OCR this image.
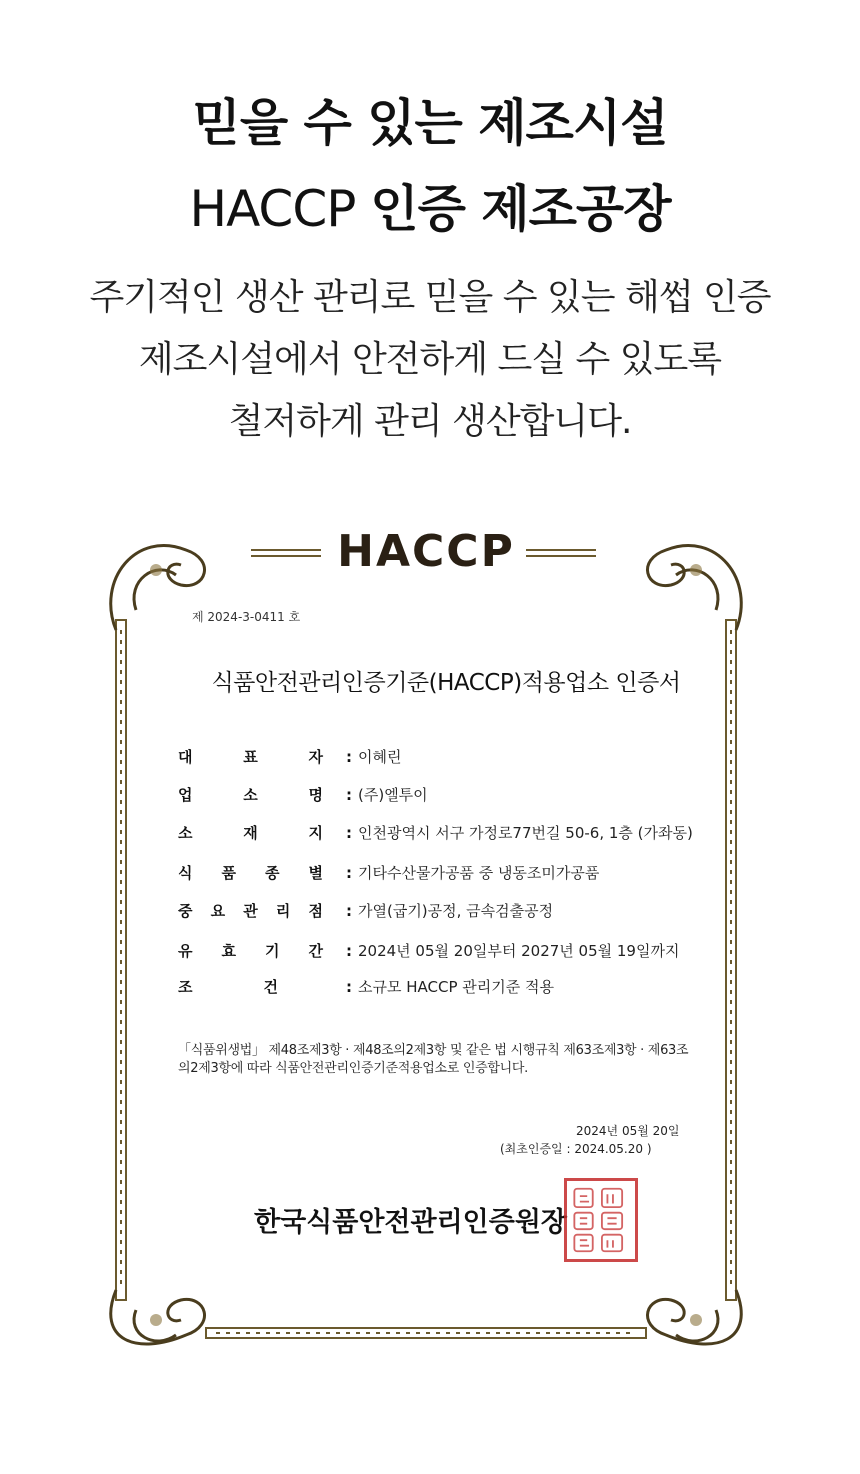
믿을 수 있는 제조시설
HACCP 인증 제조공장
주기적인 생산 관리로 믿을 수 있는 해썹 인증
제조시설에서 안전하게 드실 수 있도록
철저하게 관리 생산합니다.
HACCP
제 2024-3-0411 호
식품안전관리인증기준(HACCP)적용업소 인증서
대	표	자 : 이혜린
업	소	명 : (주)엘투이
소	재	지 : 인천광역시 서구 가정로77번길 50-6, 1층 (가좌동)
식 품 종 별 : 기타수산물가공품 중 냉동조미가공품
중 요 관 리 점 : 가열(굽기)공정, 금속검출공정
유 효 기 간 : 2024년 05월 20일부터 2027년 05월 19일까지
조	건	: 소규모 HACCP 관리기준 적용
「식품위생법」 제48조제3항 · 제48조의2제3항 및 같은 법 시행규칙 제63조제3항 · 제63조의2제3항에 따라 식품안전관리인증기준적용업소로 인증합니다.
2024년 05월 20일
(최초인증일 : 2024.05.20 )
한국식품안전관리인증원장
